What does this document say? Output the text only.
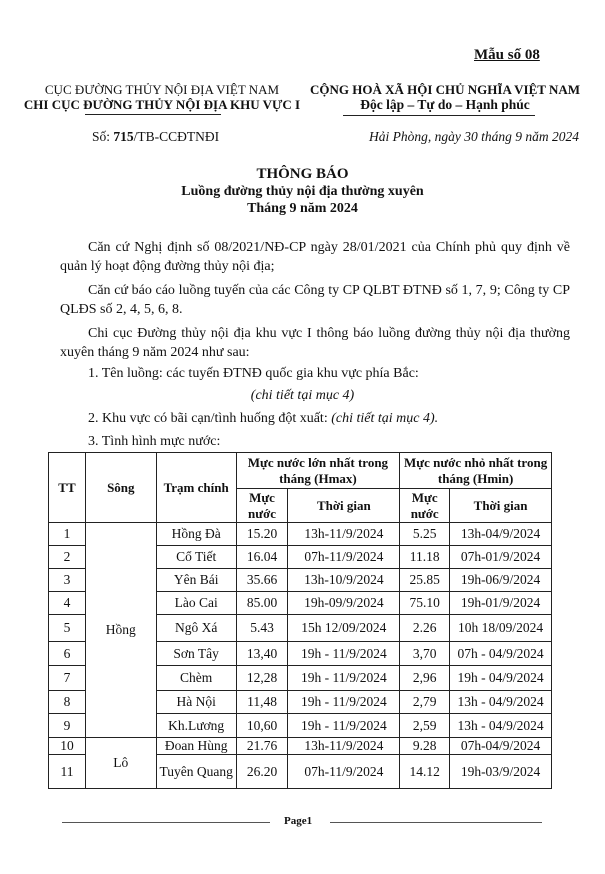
Mẫu số 08
CỤC ĐƯỜNG THỦY NỘI ĐỊA VIỆT NAM
CHI CỤC ĐƯỜNG THỦY NỘI ĐỊA KHU VỰC I
CỘNG HOÀ XÃ HỘI CHỦ NGHĨA VIỆT NAM
Độc lập – Tự do – Hạnh phúc
Số: 715/TB-CCĐTNĐI	Hải Phòng, ngày 30 tháng 9 năm 2024
THÔNG BÁO
Luồng đường thủy nội địa thường xuyên
Tháng 9 năm 2024
Căn cứ Nghị định số 08/2021/NĐ-CP ngày 28/01/2021 của Chính phủ quy định về quản lý hoạt động đường thủy nội địa;
Căn cứ báo cáo luồng tuyến của các Công ty CP QLBT ĐTNĐ số 1, 7, 9; Công ty CP QLĐS số 2, 4, 5, 6, 8.
Chi cục Đường thủy nội địa khu vực I thông báo luồng đường thủy nội địa thường xuyên tháng 9 năm 2024 như sau:
1. Tên luồng: các tuyến ĐTNĐ quốc gia khu vực phía Bắc:
(chi tiết tại mục 4)
2. Khu vực có bãi cạn/tình huống đột xuất: (chi tiết tại mục 4).
3. Tình hình mực nước:
TT	Sông	Trạm chính	Mực nước lớn nhất trong tháng (Hmax)		Mực nước nhỏ nhất trong tháng (Hmin)	
			Mực nước	Thời gian	Mực nước	Thời gian
1	Hồng	Hồng Đà	15.20	13h-11/9/2024	5.25	13h-04/9/2024
2		Cổ Tiết	16.04	07h-11/9/2024	11.18	07h-01/9/2024
3		Yên Bái	35.66	13h-10/9/2024	25.85	19h-06/9/2024
4		Lào Cai	85.00	19h-09/9/2024	75.10	19h-01/9/2024
5		Ngô Xá	5.43	15h 12/09/2024	2.26	10h 18/09/2024
6		Sơn Tây	13,40	19h - 11/9/2024	3,70	07h - 04/9/2024
7		Chèm	12,28	19h - 11/9/2024	2,96	19h - 04/9/2024
8		Hà Nội	11,48	19h - 11/9/2024	2,79	13h - 04/9/2024
9		Kh.Lương	10,60	19h - 11/9/2024	2,59	13h - 04/9/2024
10	Lô	Đoan Hùng	21.76	13h-11/9/2024	9.28	07h-04/9/2024
11		Tuyên Quang	26.20	07h-11/9/2024	14.12	19h-03/9/2024
Page1
